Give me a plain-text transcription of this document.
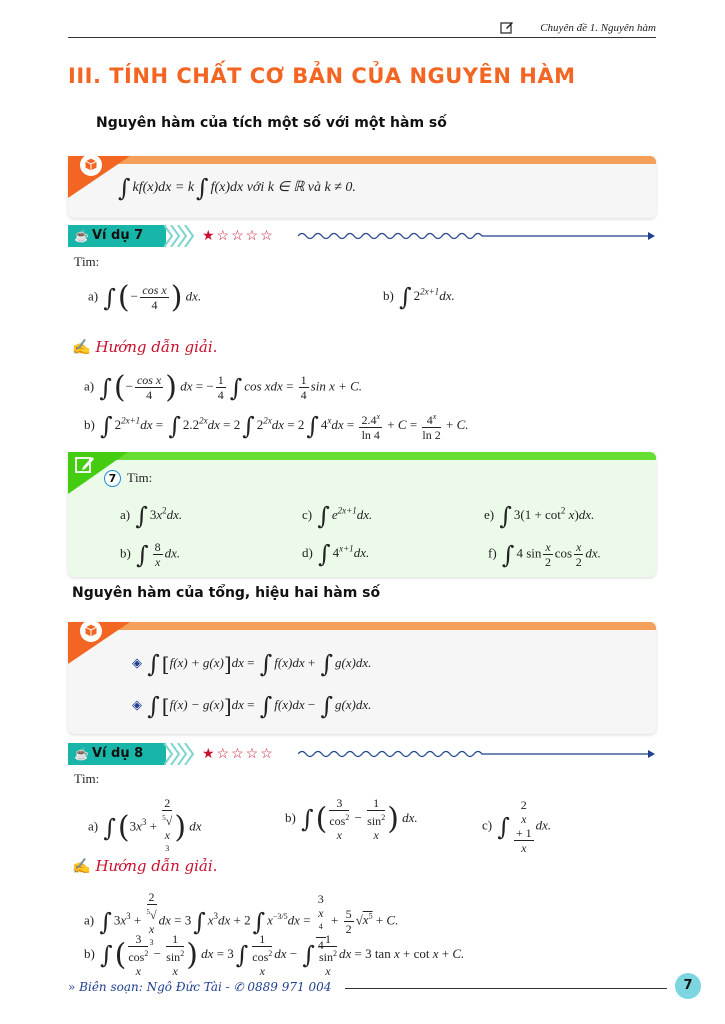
Chuyên đề 1. Nguyên hàm
III. TÍNH CHẤT CƠ BẢN CỦA NGUYÊN HÀM
Nguyên hàm của tích một số với một hàm số
∫ kf(x)dx = k∫ f(x)dx với k ∈ ℝ và k ≠ 0.
☕ Ví dụ 7	★☆☆☆☆
Tìm:
a) ∫(− $\frac{\text{cos x}}{4}$ ) dx.	b) ∫ $2^{2x+1}dx$.
✍ Hướng dẫn giải.
a) ∫(− $\frac{\text{cos x}}{4}$ ) dx = − $\frac{1}{4}$ ∫ cos xdx = $\frac{1}{4}$ sin x + C.
b) ∫ $2^{2x+1}dx$ = ∫ $2.2^{2x}dx = 2\int$ $2^{2x}dx = 2\int$ $4^xdx = \frac{2.4^x}{\ln 4} + C = \frac{4^x}{\ln 2} + C$.
7 Tìm:
a) ∫ $3x^2dx$.	c) ∫ $e^{2x+1}dx$.	e) ∫ $3(1 + \cot^2 x)dx$.
b) ∫ $\frac{8}{x}$ dx.	d) ∫ $4^{x+1}dx$.	f) ∫ 4 $\sin \frac{x}{2}$ $\cos \frac{x}{2}$ dx.
Nguyên hàm của tổng, hiệu hai hàm số
◈ ∫ [f(x) + g(x)]dx = ∫ f(x)dx + ∫ g(x)dx.
◈ ∫ [f(x) − g(x)]dx = ∫ f(x)dx − ∫ g(x)dx.
☕ Ví dụ 8	★☆☆☆☆
Tìm:
a) $\int(3x^3 + 2$
$^5$√
x
$^3$ ) dx
b) ∫( 3
$\cos^2$
x − 1
$\sin^2$
x ) dx.	c) ∫ 2
x
+ 1
x dx.
✍ Hướng dẫn giải.
a) ∫ $3x^3 + 2$
$^5$√
x
$^3$ dx = 3∫ $x^3dx + 2\int$ $x^{-3/5}dx = 3$
x
$^4$
$4 + \frac{5}{2} √x^5 + C$.
b) ∫( 3
$\cos^2$
x − 1
$\sin^2$
x ) dx = 3∫ 1
$\cos^2$
x dx − ∫ 1
$\sin^2$
x dx = 3 tan x + cot x + C.
» Biên soạn: Ngô Đức Tài - ✆ 0889 971 004	7
